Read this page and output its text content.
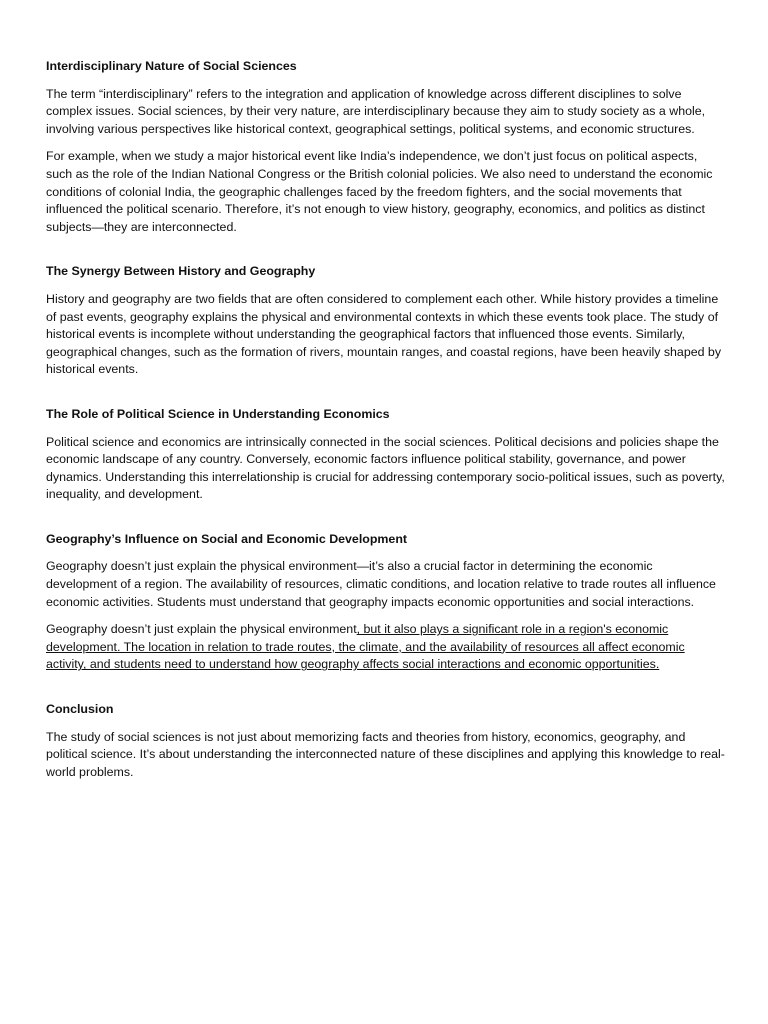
Interdisciplinary Nature of Social Sciences
The term “interdisciplinary” refers to the integration and application of knowledge across different disciplines to solve complex issues. Social sciences, by their very nature, are interdisciplinary because they aim to study society as a whole, involving various perspectives like historical context, geographical settings, political systems, and economic structures.
For example, when we study a major historical event like India’s independence, we don’t just focus on political aspects, such as the role of the Indian National Congress or the British colonial policies. We also need to understand the economic conditions of colonial India, the geographic challenges faced by the freedom fighters, and the social movements that influenced the political scenario. Therefore, it’s not enough to view history, geography, economics, and politics as distinct subjects—they are interconnected.
The Synergy Between History and Geography
History and geography are two fields that are often considered to complement each other. While history provides a timeline of past events, geography explains the physical and environmental contexts in which these events took place. The study of historical events is incomplete without understanding the geographical factors that influenced those events. Similarly, geographical changes, such as the formation of rivers, mountain ranges, and coastal regions, have been heavily shaped by historical events.
The Role of Political Science in Understanding Economics
Political science and economics are intrinsically connected in the social sciences. Political decisions and policies shape the economic landscape of any country. Conversely, economic factors influence political stability, governance, and power dynamics. Understanding this interrelationship is crucial for addressing contemporary socio-political issues, such as poverty, inequality, and development.
Geography’s Influence on Social and Economic Development
Geography doesn’t just explain the physical environment—it’s also a crucial factor in determining the economic development of a region. The availability of resources, climatic conditions, and location relative to trade routes all influence economic activities. Students must understand that geography impacts economic opportunities and social interactions.
Geography doesn’t just explain the physical environment, but it also plays a significant role in a region's economic development. The location in relation to trade routes, the climate, and the availability of resources all affect economic activity, and students need to understand how geography affects social interactions and economic opportunities.
Conclusion
The study of social sciences is not just about memorizing facts and theories from history, economics, geography, and political science. It’s about understanding the interconnected nature of these disciplines and applying this knowledge to real-world problems.
